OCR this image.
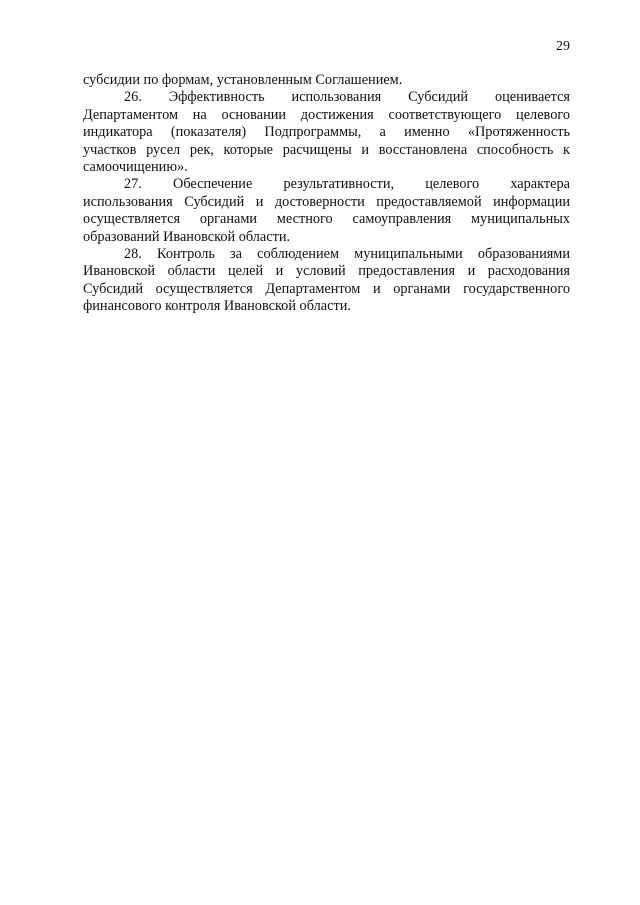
29
субсидии по формам, установленным Соглашением.
26. Эффективность использования Субсидий оценивается
Департаментом на основании достижения соответствующего целевого
индикатора (показателя) Подпрограммы, а именно «Протяженность
участков русел рек, которые расчищены и восстановлена способность к
самоочищению».
27. Обеспечение результативности, целевого характера
использования Субсидий и достоверности предоставляемой информации
осуществляется органами местного самоуправления муниципальных
образований Ивановской области.
28. Контроль за соблюдением муниципальными образованиями
Ивановской области целей и условий предоставления и расходования
Субсидий осуществляется Департаментом и органами государственного
финансового контроля Ивановской области.
